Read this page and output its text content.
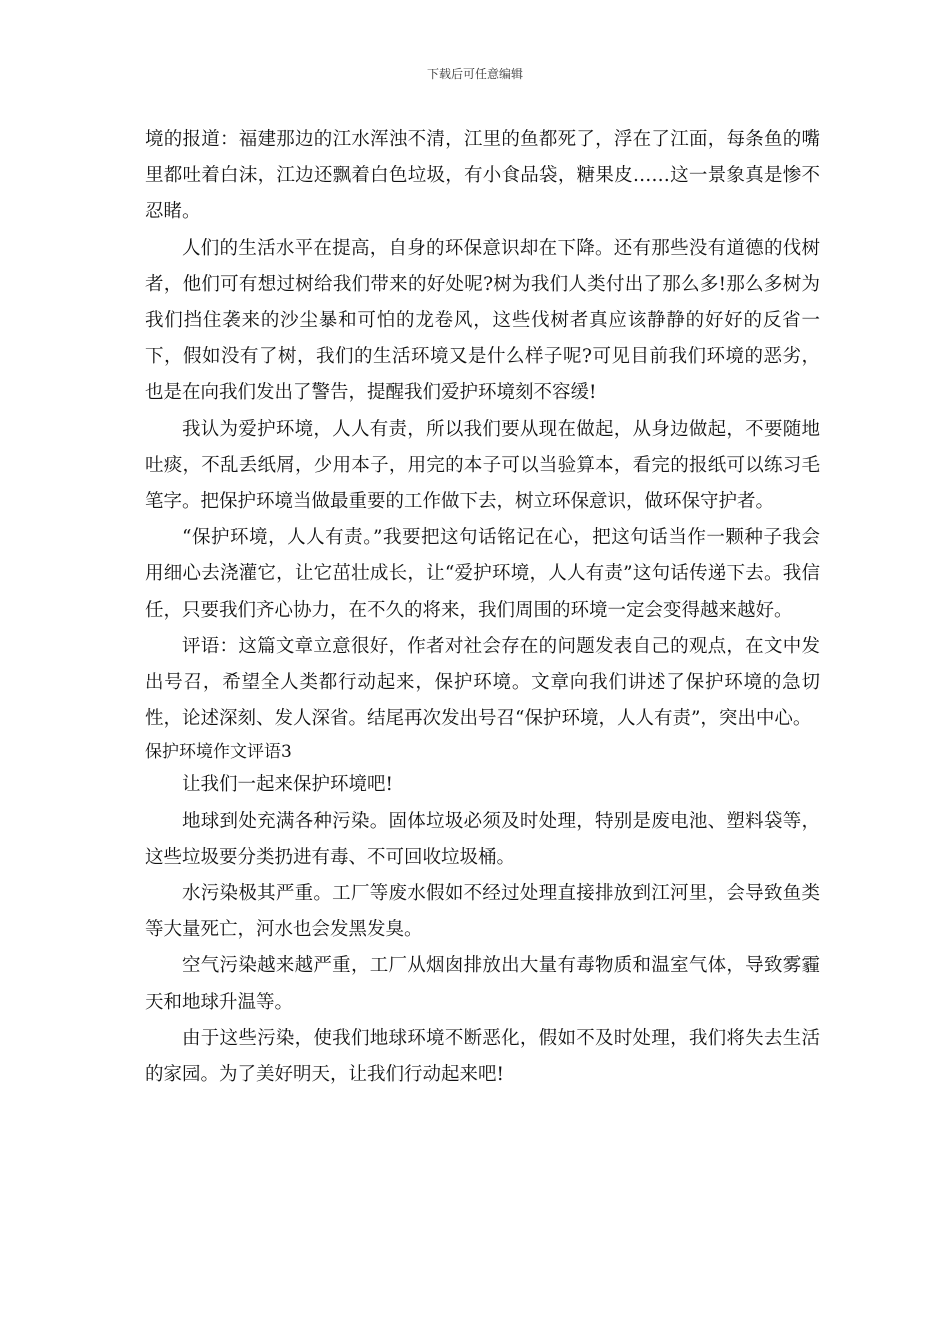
下载后可任意编辑

境的报道：福建那边的江水浑浊不清，江里的鱼都死了，浮在了江面，每条鱼的嘴里都吐着白沫，江边还飘着白色垃圾，有小食品袋，糖果皮……这一景象真是惨不忍睹。

人们的生活水平在提高，自身的环保意识却在下降。还有那些没有道德的伐树者，他们可有想过树给我们带来的好处呢?树为我们人类付出了那么多!那么多树为我们挡住袭来的沙尘暴和可怕的龙卷风，这些伐树者真应该静静的好好的反省一下，假如没有了树，我们的生活环境又是什么样子呢?可见目前我们环境的恶劣，也是在向我们发出了警告，提醒我们爱护环境刻不容缓!

我认为爱护环境，人人有责，所以我们要从现在做起，从身边做起，不要随地吐痰，不乱丢纸屑，少用本子，用完的本子可以当验算本，看完的报纸可以练习毛笔字。把保护环境当做最重要的工作做下去，树立环保意识，做环保守护者。

“保护环境，人人有责。”我要把这句话铭记在心，把这句话当作一颗种子我会用细心去浇灌它，让它茁壮成长，让“爱护环境，人人有责”这句话传递下去。我信任，只要我们齐心协力，在不久的将来，我们周围的环境一定会变得越来越好。

评语：这篇文章立意很好，作者对社会存在的问题发表自己的观点，在文中发出号召，希望全人类都行动起来，保护环境。文章向我们讲述了保护环境的急切性，论述深刻、发人深省。结尾再次发出号召“保护环境，人人有责”，突出中心。

保护环境作文评语3

让我们一起来保护环境吧!

地球到处充满各种污染。固体垃圾必须及时处理，特别是废电池、塑料袋等，这些垃圾要分类扔进有毒、不可回收垃圾桶。

水污染极其严重。工厂等废水假如不经过处理直接排放到江河里，会导致鱼类等大量死亡，河水也会发黑发臭。

空气污染越来越严重，工厂从烟囱排放出大量有毒物质和温室气体，导致雾霾天和地球升温等。

由于这些污染，使我们地球环境不断恶化，假如不及时处理，我们将失去生活的家园。为了美好明天，让我们行动起来吧!
